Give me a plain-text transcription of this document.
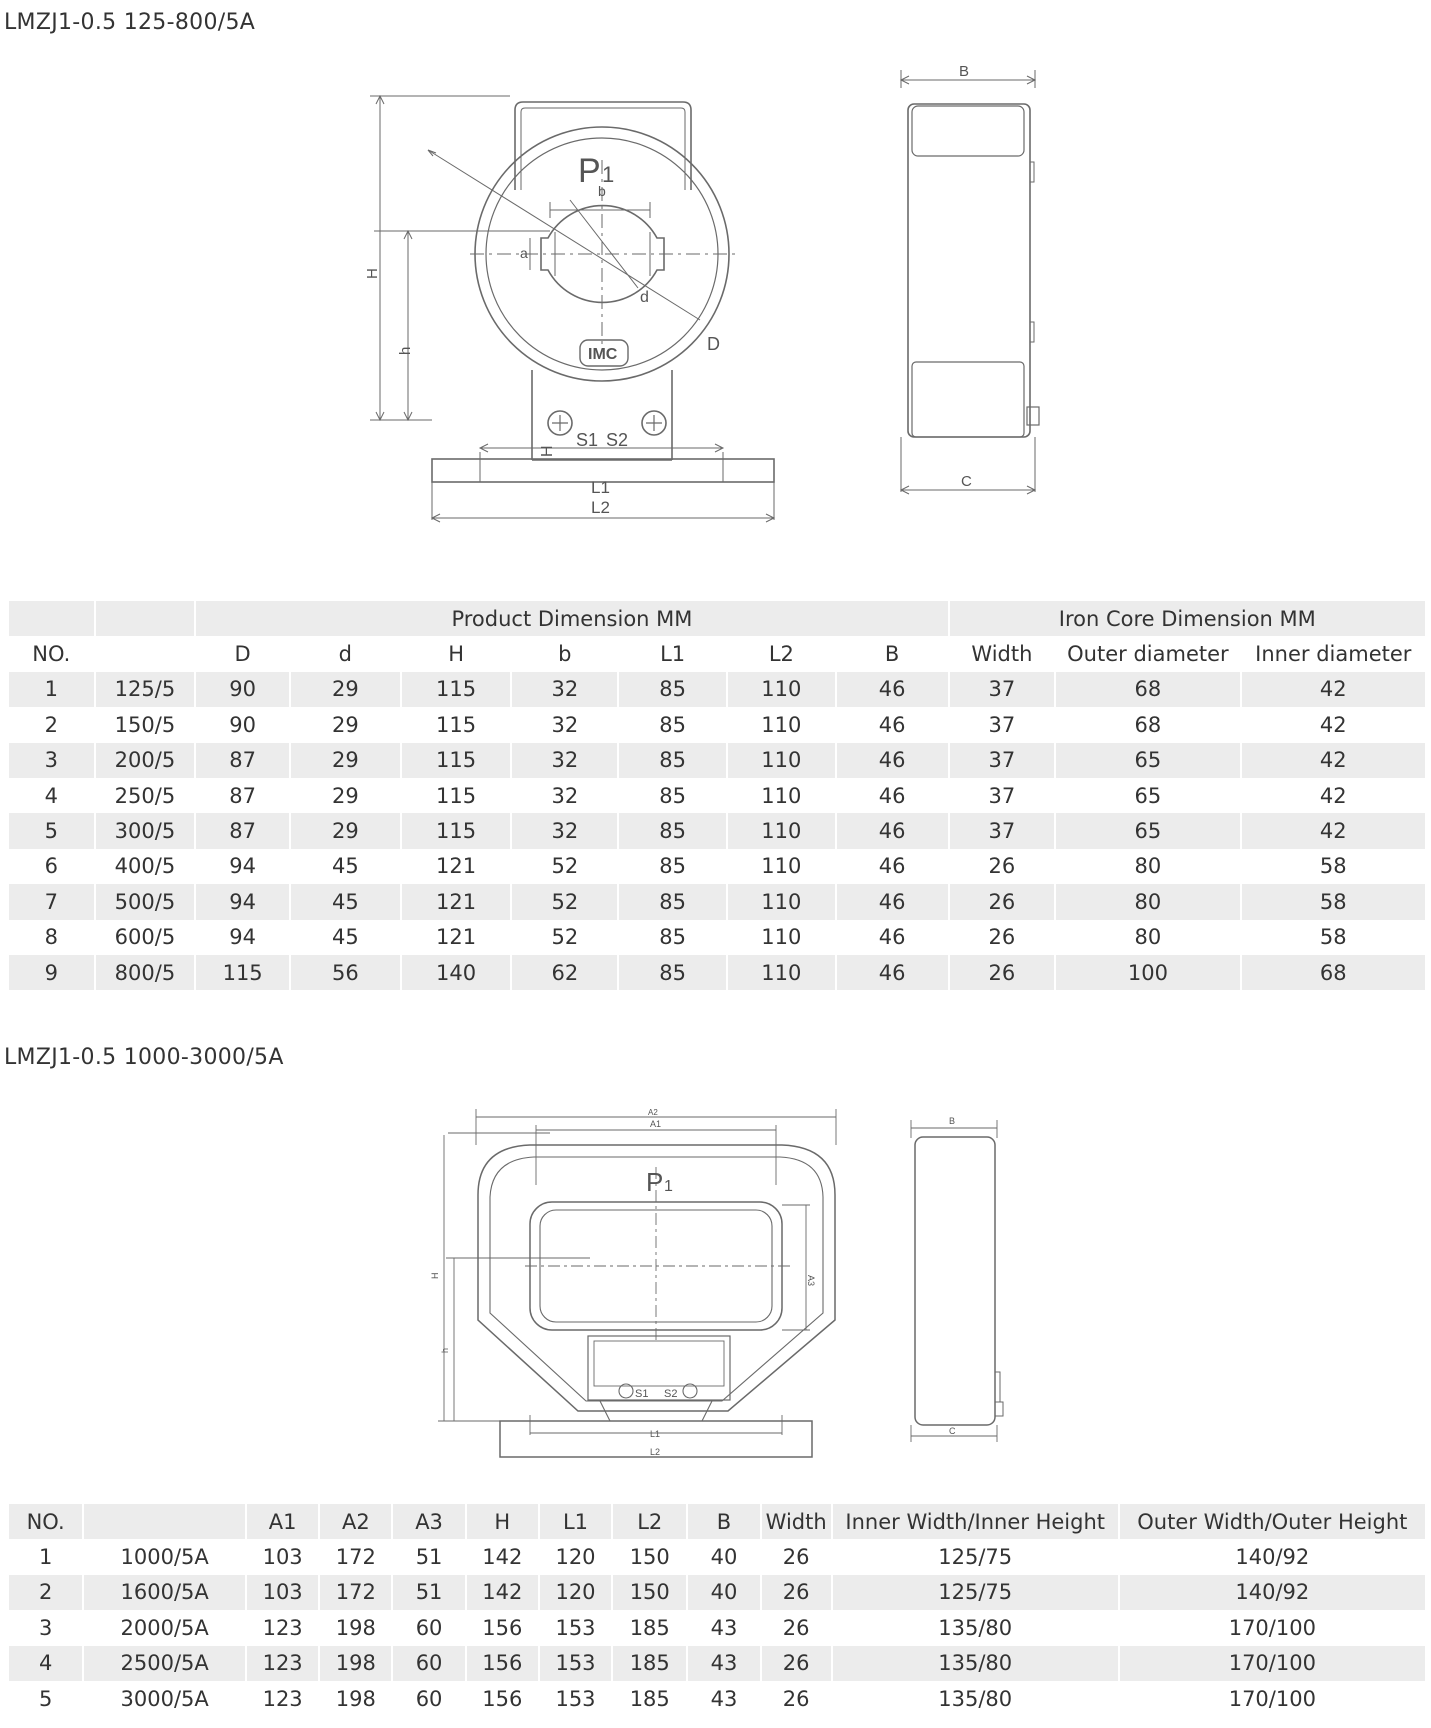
LMZJ1-0.5 125-800/5A
P 1
b
a
d
D
IMC
S1 S2
H
L1
L2
H
h
B
C
		Product Dimension MM							Iron Core Dimension MM		
NO.		D	d	H	b	L1	L2	B	Width	Outer diameter	Inner diameter
1	125/5	90	29	115	32	85	110	46	37	68	42
2	150/5	90	29	115	32	85	110	46	37	68	42
3	200/5	87	29	115	32	85	110	46	37	65	42
4	250/5	87	29	115	32	85	110	46	37	65	42
5	300/5	87	29	115	32	85	110	46	37	65	42
6	400/5	94	45	121	52	85	110	46	26	80	58
7	500/5	94	45	121	52	85	110	46	26	80	58
8	600/5	94	45	121	52	85	110	46	26	80	58
9	800/5	115	56	140	62	85	110	46	26	100	68
LMZJ1-0.5 1000-3000/5A
A2
A1
A3
S1 S2
L1
L2
P 1
H
h
B
C
NO.		A1	A2	A3	H	L1	L2	B	Width	Inner Width/Inner Height	Outer Width/Outer Height
1	1000/5A	103	172	51	142	120	150	40	26	125/75	140/92
2	1600/5A	103	172	51	142	120	150	40	26	125/75	140/92
3	2000/5A	123	198	60	156	153	185	43	26	135/80	170/100
4	2500/5A	123	198	60	156	153	185	43	26	135/80	170/100
5	3000/5A	123	198	60	156	153	185	43	26	135/80	170/100
